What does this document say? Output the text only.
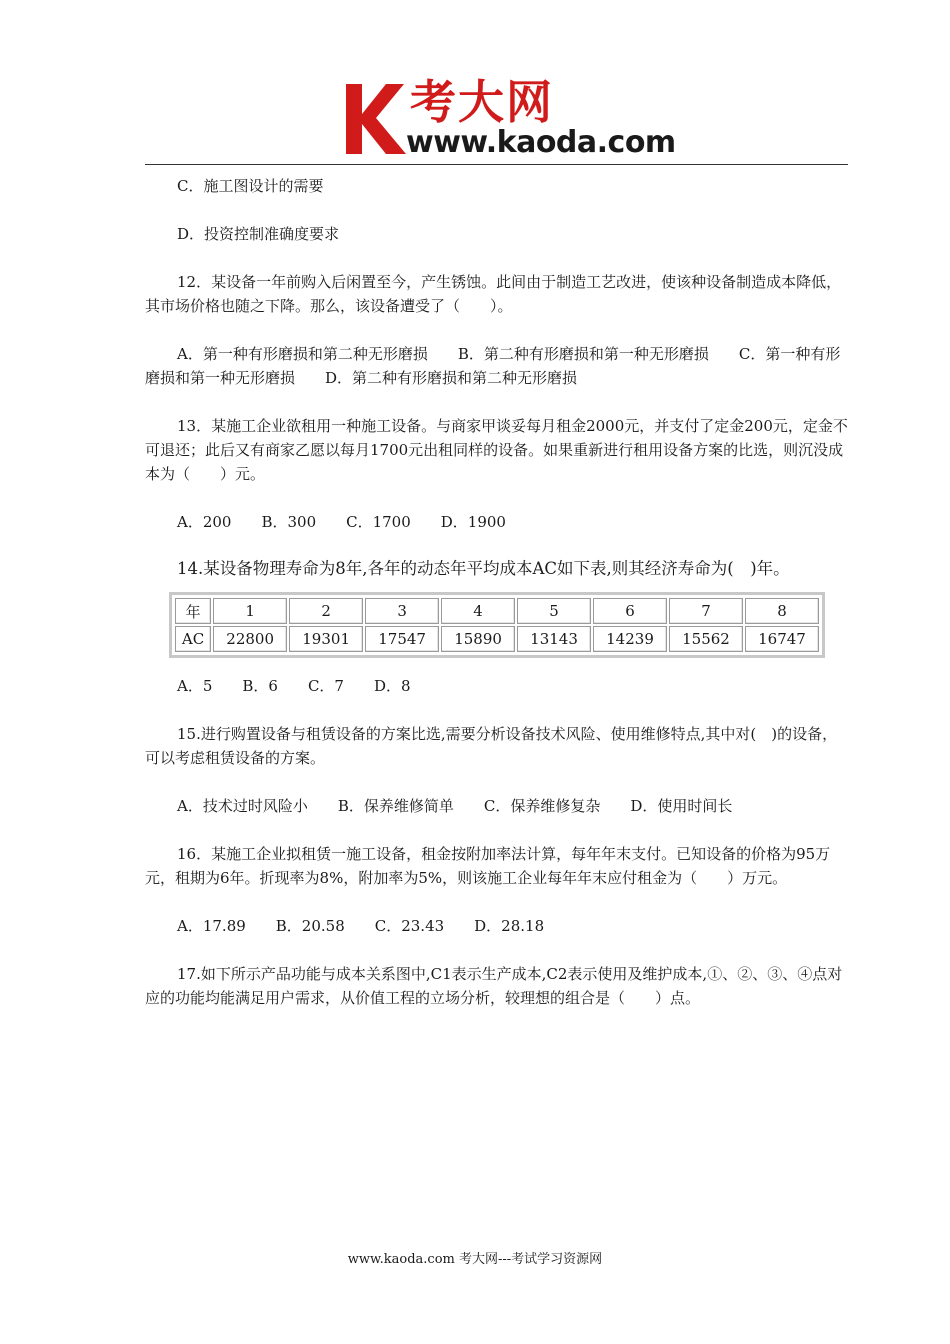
考大网
www.kaoda.com

C．施工图设计的需要

D．投资控制准确度要求

12．某设备一年前购入后闲置至今，产生锈蚀。此间由于制造工艺改进，使该种设备制造成本降低，其市场价格也随之下降。那么，该设备遭受了（　　）。

A．第一种有形磨损和第二种无形磨损　　B．第二种有形磨损和第一种无形磨损　　C．第一种有形磨损和第一种无形磨损　　D．第二种有形磨损和第二种无形磨损

13．某施工企业欲租用一种施工设备。与商家甲谈妥每月租金2000元，并支付了定金200元，定金不可退还；此后又有商家乙愿以每月1700元出租同样的设备。如果重新进行租用设备方案的比选，则沉没成本为（　　）元。

A．200　　B．300　　C．1700　　D．1900

14.某设备物理寿命为8年,各年的动态年平均成本AC如下表,则其经济寿命为(　)年。

年	1	2	3	4	5	6	7	8
AC	22800	19301	17547	15890	13143	14239	15562	16747

A．5　　B．6　　C．7　　D．8

15.进行购置设备与租赁设备的方案比选,需要分析设备技术风险、使用维修特点,其中对(　)的设备，可以考虑租赁设备的方案。

A．技术过时风险小　　B．保养维修简单　　C．保养维修复杂　　D．使用时间长

16．某施工企业拟租赁一施工设备，租金按附加率法计算，每年年末支付。已知设备的价格为95万元，租期为6年。折现率为8%，附加率为5%，则该施工企业每年年末应付租金为（　　）万元。

A．17.89　　B．20.58　　C．23.43　　D．28.18

17.如下所示产品功能与成本关系图中,C1表示生产成本,C2表示使用及维护成本,①、②、③、④点对应的功能均能满足用户需求，从价值工程的立场分析，较理想的组合是（　　）点。

www.kaoda.com 考大网---考试学习资源网
